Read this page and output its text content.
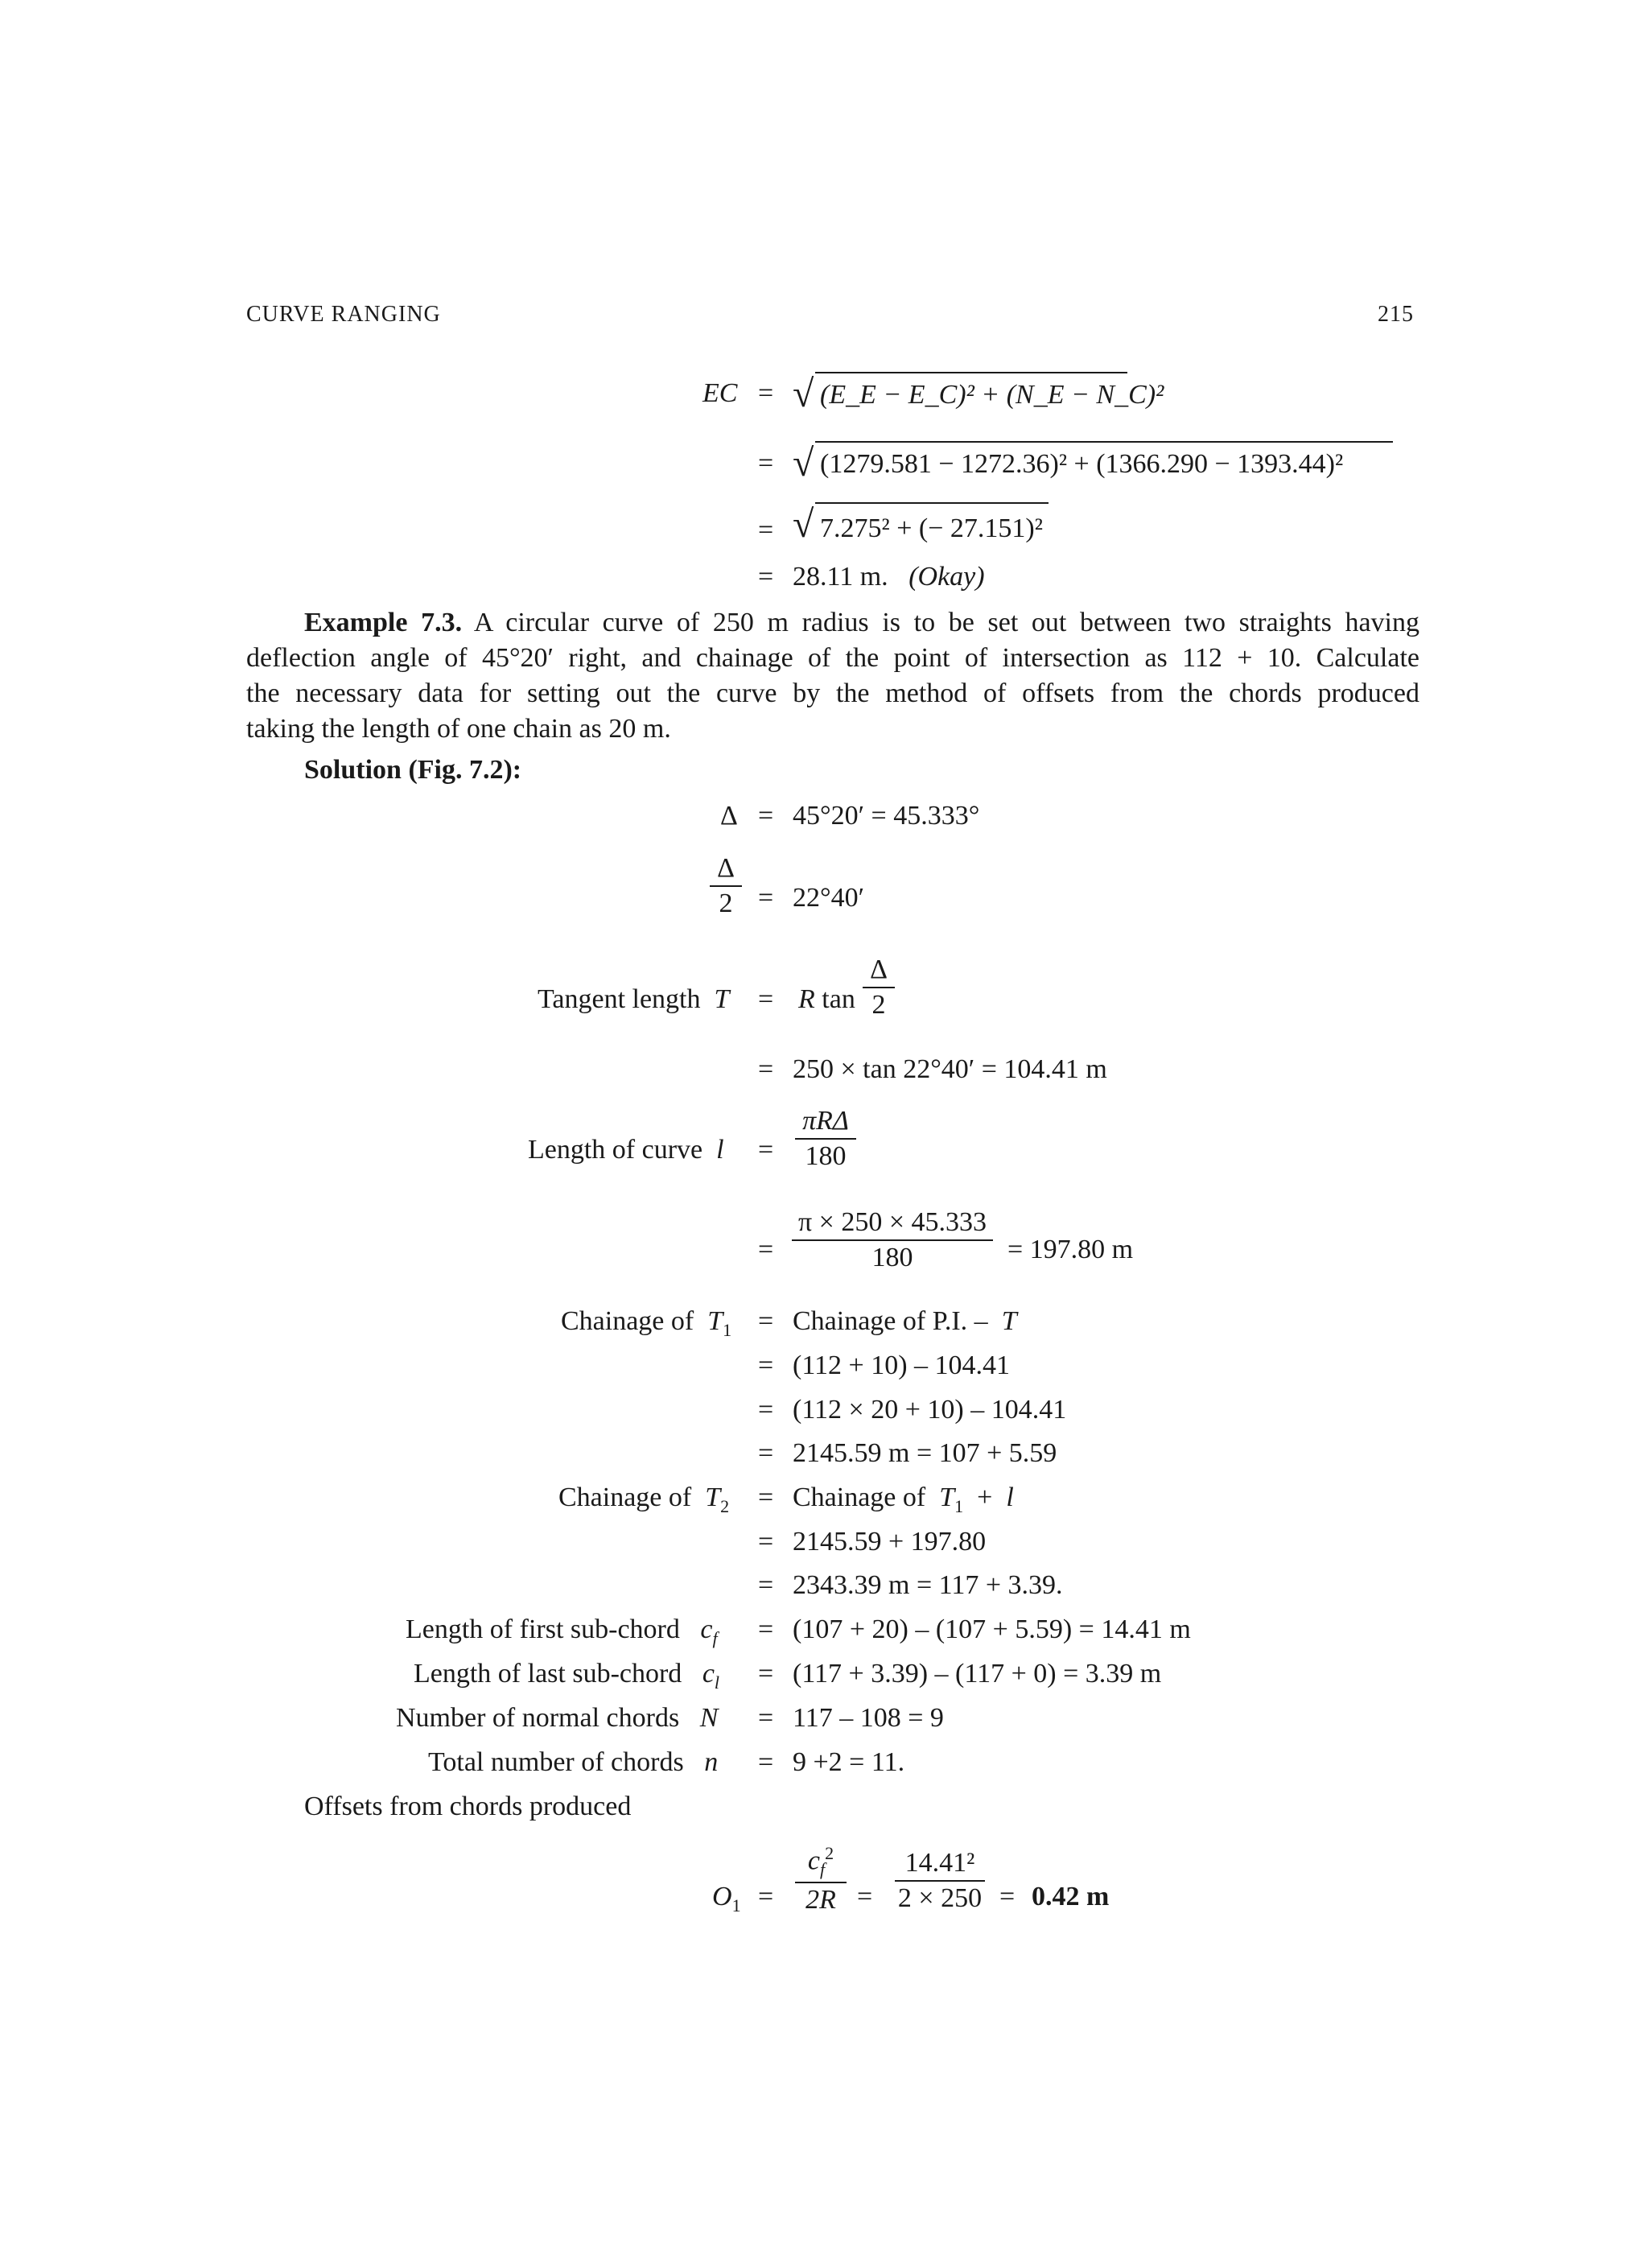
CURVE RANGING	215
EC = √ (E_E − E_C)² + (N_E − N_C)²
= √ (1279.581 − 1272.36)² + (1366.290 − 1393.44)²
= √ 7.275² + (− 27.151)²
= 28.11 m. (Okay)
Example 7.3. A circular curve of 250 m radius is to be set out between two straights having
deflection angle of 45°20′ right, and chainage of the point of intersection as 112 + 10. Calculate
the necessary data for setting out the curve by the method of offsets from the chords produced
taking the length of one chain as 20 m.
Solution (Fig. 7.2):
Δ = 45°20′ = 45.333°
Δ
2 = 22°40′
Tangent length T = R tan
Δ
2
= 250 × tan 22°40′ = 104.41 m
Length of curve l =
πRΔ
180
=
π × 250 × 45.333
180	= 197.80 m
Chainage of $T_1$ = Chainage of P.I. – T
= (112 + 10) – 104.41
= (112 × 20 + 10) – 104.41
= 2145.59 m = 107 + 5.59
Chainage of $T_2$ = Chainage of $T_1 + l$
= 2145.59 + 197.80
= 2343.39 m = 117 + 3.39.
Length of first sub-chord $c_f = (107 + 20) - (107 + 5.59) = 14.41$ m
Length of last sub-chord $c_l = (117 + 3.39) - (117 + 0) = 3.39$ m
Number of normal chords N = 117 – 108 = 9
Total number of chords n = 9 +2 = 11.
Offsets from chords produced
$O_1$ =
$c_f^2$
2R =
14.41²
2 × 250 = 0.42 m
